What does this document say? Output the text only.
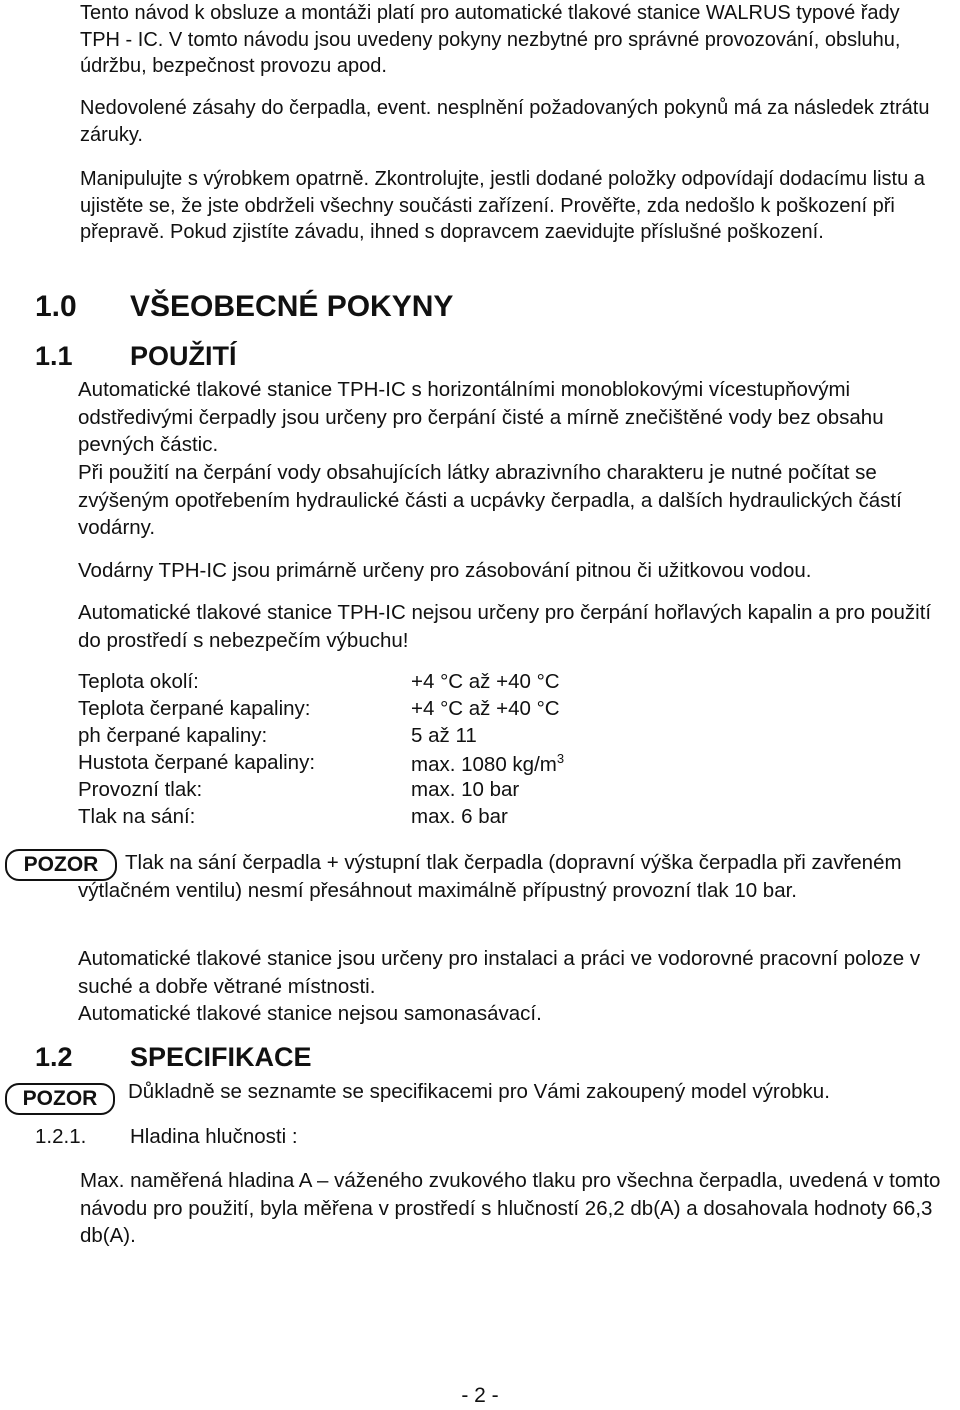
Tento návod k obsluze a montáži platí pro automatické tlakové stanice WALRUS typové řady TPH - IC. V tomto návodu jsou uvedeny pokyny nezbytné pro správné provozování, obsluhu, údržbu, bezpečnost provozu apod.

Nedovolené zásahy do čerpadla, event. nesplnění požadovaných pokynů má za následek ztrátu záruky.

Manipulujte s výrobkem opatrně. Zkontrolujte, jestli dodané položky odpovídají dodacímu listu a ujistěte se, že jste obdrželi všechny součásti zařízení. Prověřte, zda nedošlo k poškození při přepravě. Pokud zjistíte závadu, ihned s dopravcem zaevidujte příslušné poškození.

1.0 VŠEOBECNÉ POKYNY
1.1 POUŽITÍ

Automatické tlakové stanice TPH-IC s horizontálními monoblokovými vícestupňovými odstředivými čerpadly jsou určeny pro čerpání čisté a mírně znečištěné vody bez obsahu pevných částic.

Při použití na čerpání vody obsahujících látky abrazivního charakteru je nutné počítat se zvýšeným opotřebením hydraulické části a ucpávky čerpadla, a dalších hydraulických částí vodárny.

Vodárny TPH-IC jsou primárně určeny pro zásobování pitnou či užitkovou vodou.

Automatické tlakové stanice TPH-IC nejsou určeny pro čerpání hořlavých kapalin a pro použití do prostředí s nebezpečím výbuchu!

Teplota okolí:	+4 °C až +40 °C
Teplota čerpané kapaliny:	+4 °C až +40 °C
ph čerpané kapaliny:	5 až 11
Hustota čerpané kapaliny:	max. 1080 $kg/m^3$
Provozní tlak:	max. 10 bar
Tlak na sání:	max. 6 bar
POZOR	Tlak na sání čerpadla + výstupní tlak čerpadla (dopravní výška čerpadla při zavřeném výtlačném ventilu) nesmí přesáhnout maximálně přípustný provozní tlak 10 bar.

Automatické tlakové stanice jsou určeny pro instalaci a práci ve vodorovné pracovní poloze v suché a dobře větrané místnosti.

Automatické tlakové stanice nejsou samonasávací.

1.2 SPECIFIKACE
POZOR	Důkladně se seznamte se specifikacemi pro Vámi zakoupený model výrobku.

1.2.1. Hladina hlučnosti :

Max. naměřená hladina A – váženého zvukového tlaku pro všechna čerpadla, uvedená v tomto návodu pro použití, byla měřena v prostředí s hlučností 26,2 db(A) a dosahovala hodnoty 66,3 db(A).

- 2 -
